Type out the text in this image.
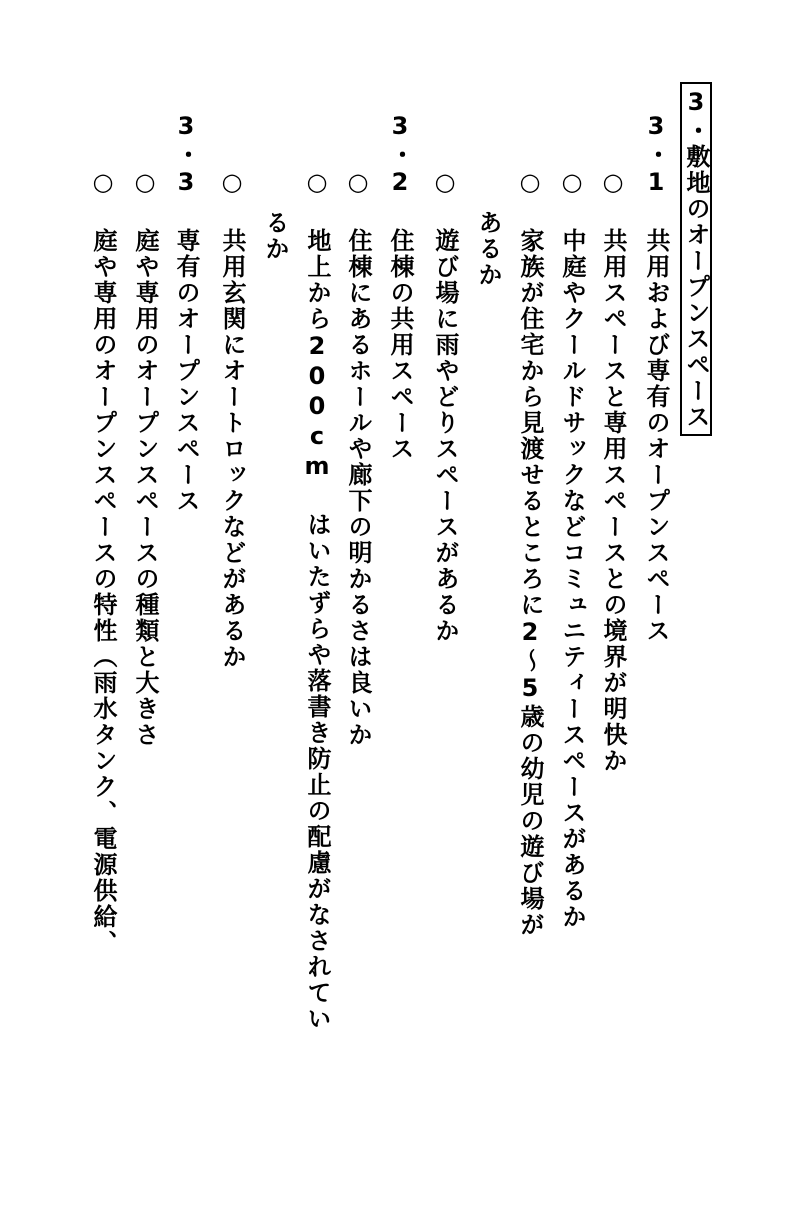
3・敷地のオープンスペース
3・1 共用および専有のオープンスペース
○ 共用スペースと専用スペースとの境界が明快か
○ 中庭やクールドサックなどコミュニティースペースがあるか
○ 家族が住宅から見渡せるところに2～5歳の幼児の遊び場が
あるか
○ 遊び場に雨やどりスペースがあるか
3・2 住棟の共用スペース
○ 住棟にあるホールや廊下の明かるさは良いか
○ 地上から200cm はいたずらや落書き防止の配慮がなされてい
るか
○ 共用玄関にオートロックなどがあるか
3・3 専有のオープンスペース
○ 庭や専用のオープンスペースの種類と大きさ
○ 庭や専用のオープンスペースの特性（雨水タンク、電源供給、
